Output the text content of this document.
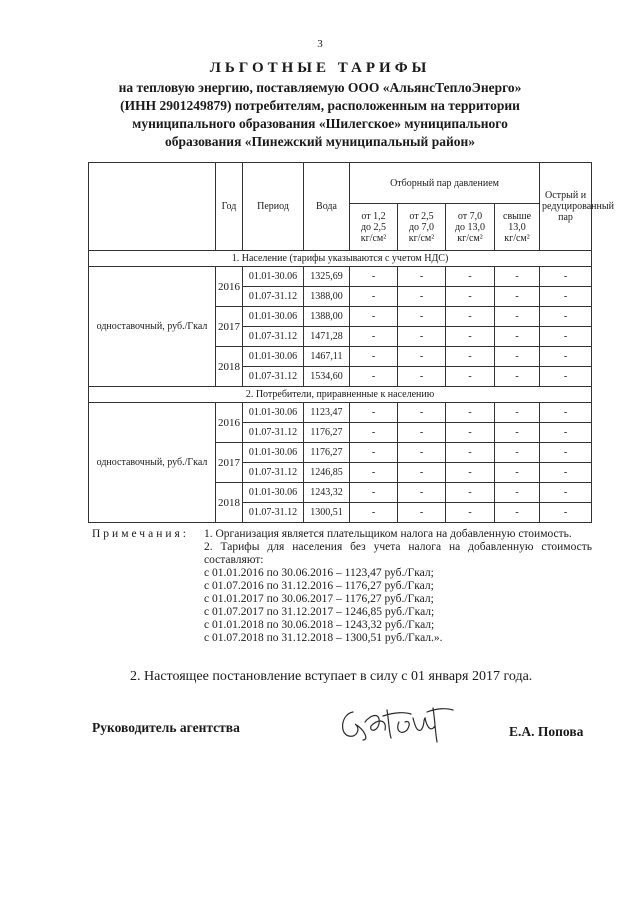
3
ЛЬГОТНЫЕ ТАРИФЫ
на тепловую энергию, поставляемую ООО «АльянсТеплоЭнерго»
(ИНН 2901249879) потребителям, расположенным на территории
муниципального образования «Шилегское» муниципального
образования «Пинежский муниципальный район»
	Год	Период	Вода	Отборный пар давлением				Острый и редуцированный пар
				от 1,2
до 2,5
кг/см²	от 2,5
до 7,0
кг/см²	от 7,0
до 13,0
кг/см²	свыше
13,0
кг/см²	
1. Население (тарифы указываются с учетом НДС)								
одноставочный, руб./Гкал	2016	01.01-30.06	1325,69	-	-	-	-	-
		01.07-31.12	1388,00	-	-	-	-	-
	2017	01.01-30.06	1388,00	-	-	-	-	-
		01.07-31.12	1471,28	-	-	-	-	-
	2018	01.01-30.06	1467,11	-	-	-	-	-
		01.07-31.12	1534,60	-	-	-	-	-
2. Потребители, приравненные к населению								
одноставочный, руб./Гкал	2016	01.01-30.06	1123,47	-	-	-	-	-
		01.07-31.12	1176,27	-	-	-	-	-
	2017	01.01-30.06	1176,27	-	-	-	-	-
		01.07-31.12	1246,85	-	-	-	-	-
	2018	01.01-30.06	1243,32	-	-	-	-	-
		01.07-31.12	1300,51	-	-	-	-	-
Примечания: 1. Организация является плательщиком налога на добавленную стоимость.
2. Тарифы для населения без учета налога на добавленную стоимость составляют:
с 01.01.2016 по 30.06.2016 – 1123,47 руб./Гкал;
с 01.07.2016 по 31.12.2016 – 1176,27 руб./Гкал;
с 01.01.2017 по 30.06.2017 – 1176,27 руб./Гкал;
с 01.07.2017 по 31.12.2017 – 1246,85 руб./Гкал;
с 01.01.2018 по 30.06.2018 – 1243,32 руб./Гкал;
с 01.07.2018 по 31.12.2018 – 1300,51 руб./Гкал.».
2. Настоящее постановление вступает в силу с 01 января 2017 года.
Руководитель агентства	Е.А. Попова
